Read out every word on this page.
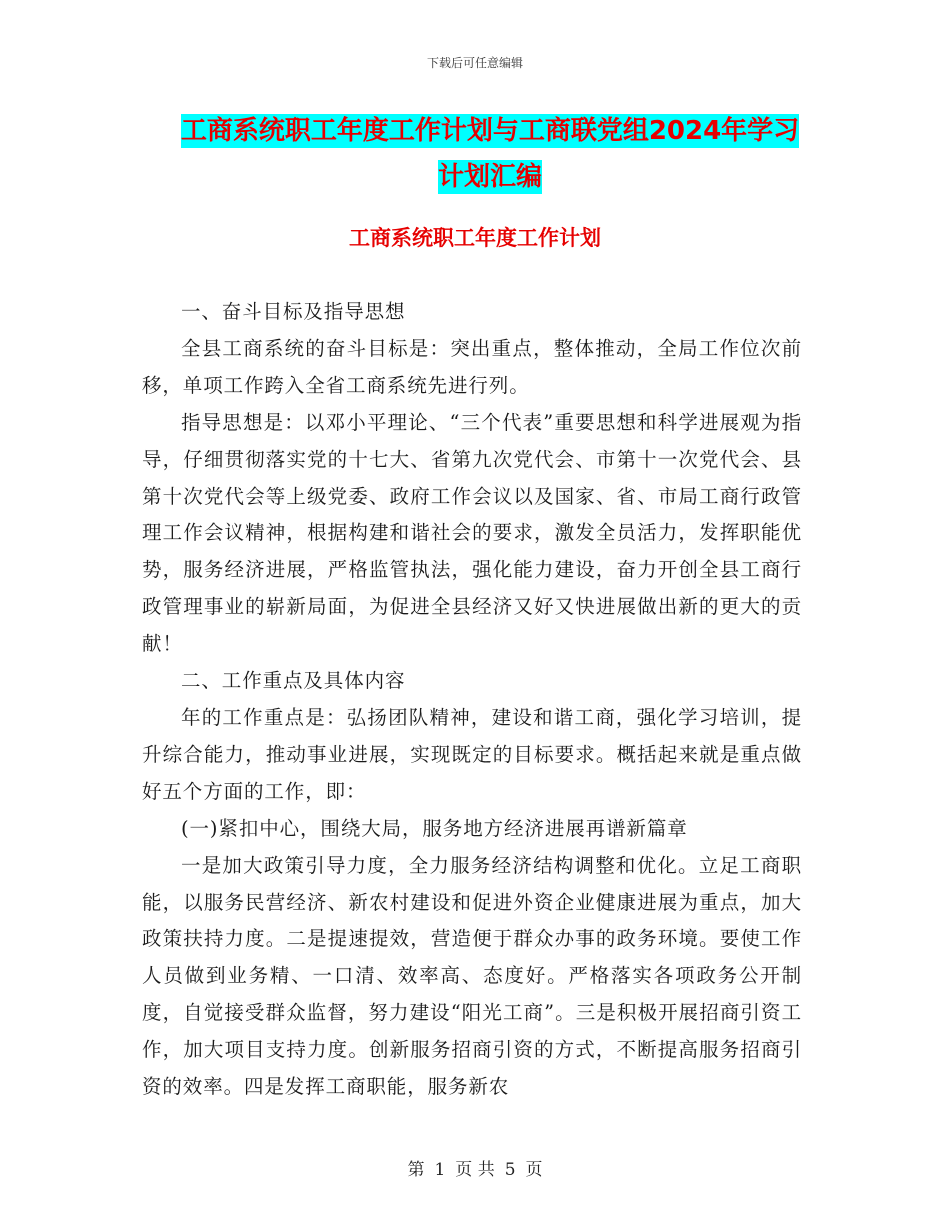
下载后可任意编辑
工商系统职工年度工作计划与工商联党组2024年学习
计划汇编
工商系统职工年度工作计划

一、奋斗目标及指导思想

全县工商系统的奋斗目标是：突出重点，整体推动，全局工作位次前移，单项工作跨入全省工商系统先进行列。

指导思想是：以邓小平理论、“三个代表”重要思想和科学进展观为指导，仔细贯彻落实党的十七大、省第九次党代会、市第十一次党代会、县第十次党代会等上级党委、政府工作会议以及国家、省、市局工商行政管理工作会议精神，根据构建和谐社会的要求，激发全员活力，发挥职能优势，服务经济进展，严格监管执法，强化能力建设，奋力开创全县工商行政管理事业的崭新局面，为促进全县经济又好又快进展做出新的更大的贡献！

二、工作重点及具体内容

年的工作重点是：弘扬团队精神，建设和谐工商，强化学习培训，提升综合能力，推动事业进展，实现既定的目标要求。概括起来就是重点做好五个方面的工作，即：

(一)紧扣中心，围绕大局，服务地方经济进展再谱新篇章

一是加大政策引导力度，全力服务经济结构调整和优化。立足工商职能，以服务民营经济、新农村建设和促进外资企业健康进展为重点，加大政策扶持力度。二是提速提效，营造便于群众办事的政务环境。要使工作人员做到业务精、一口清、效率高、态度好。严格落实各项政务公开制度，自觉接受群众监督，努力建设“阳光工商”。三是积极开展招商引资工作，加大项目支持力度。创新服务招商引资的方式，不断提高服务招商引资的效率。四是发挥工商职能，服务新农

第 1 页 共 5 页
